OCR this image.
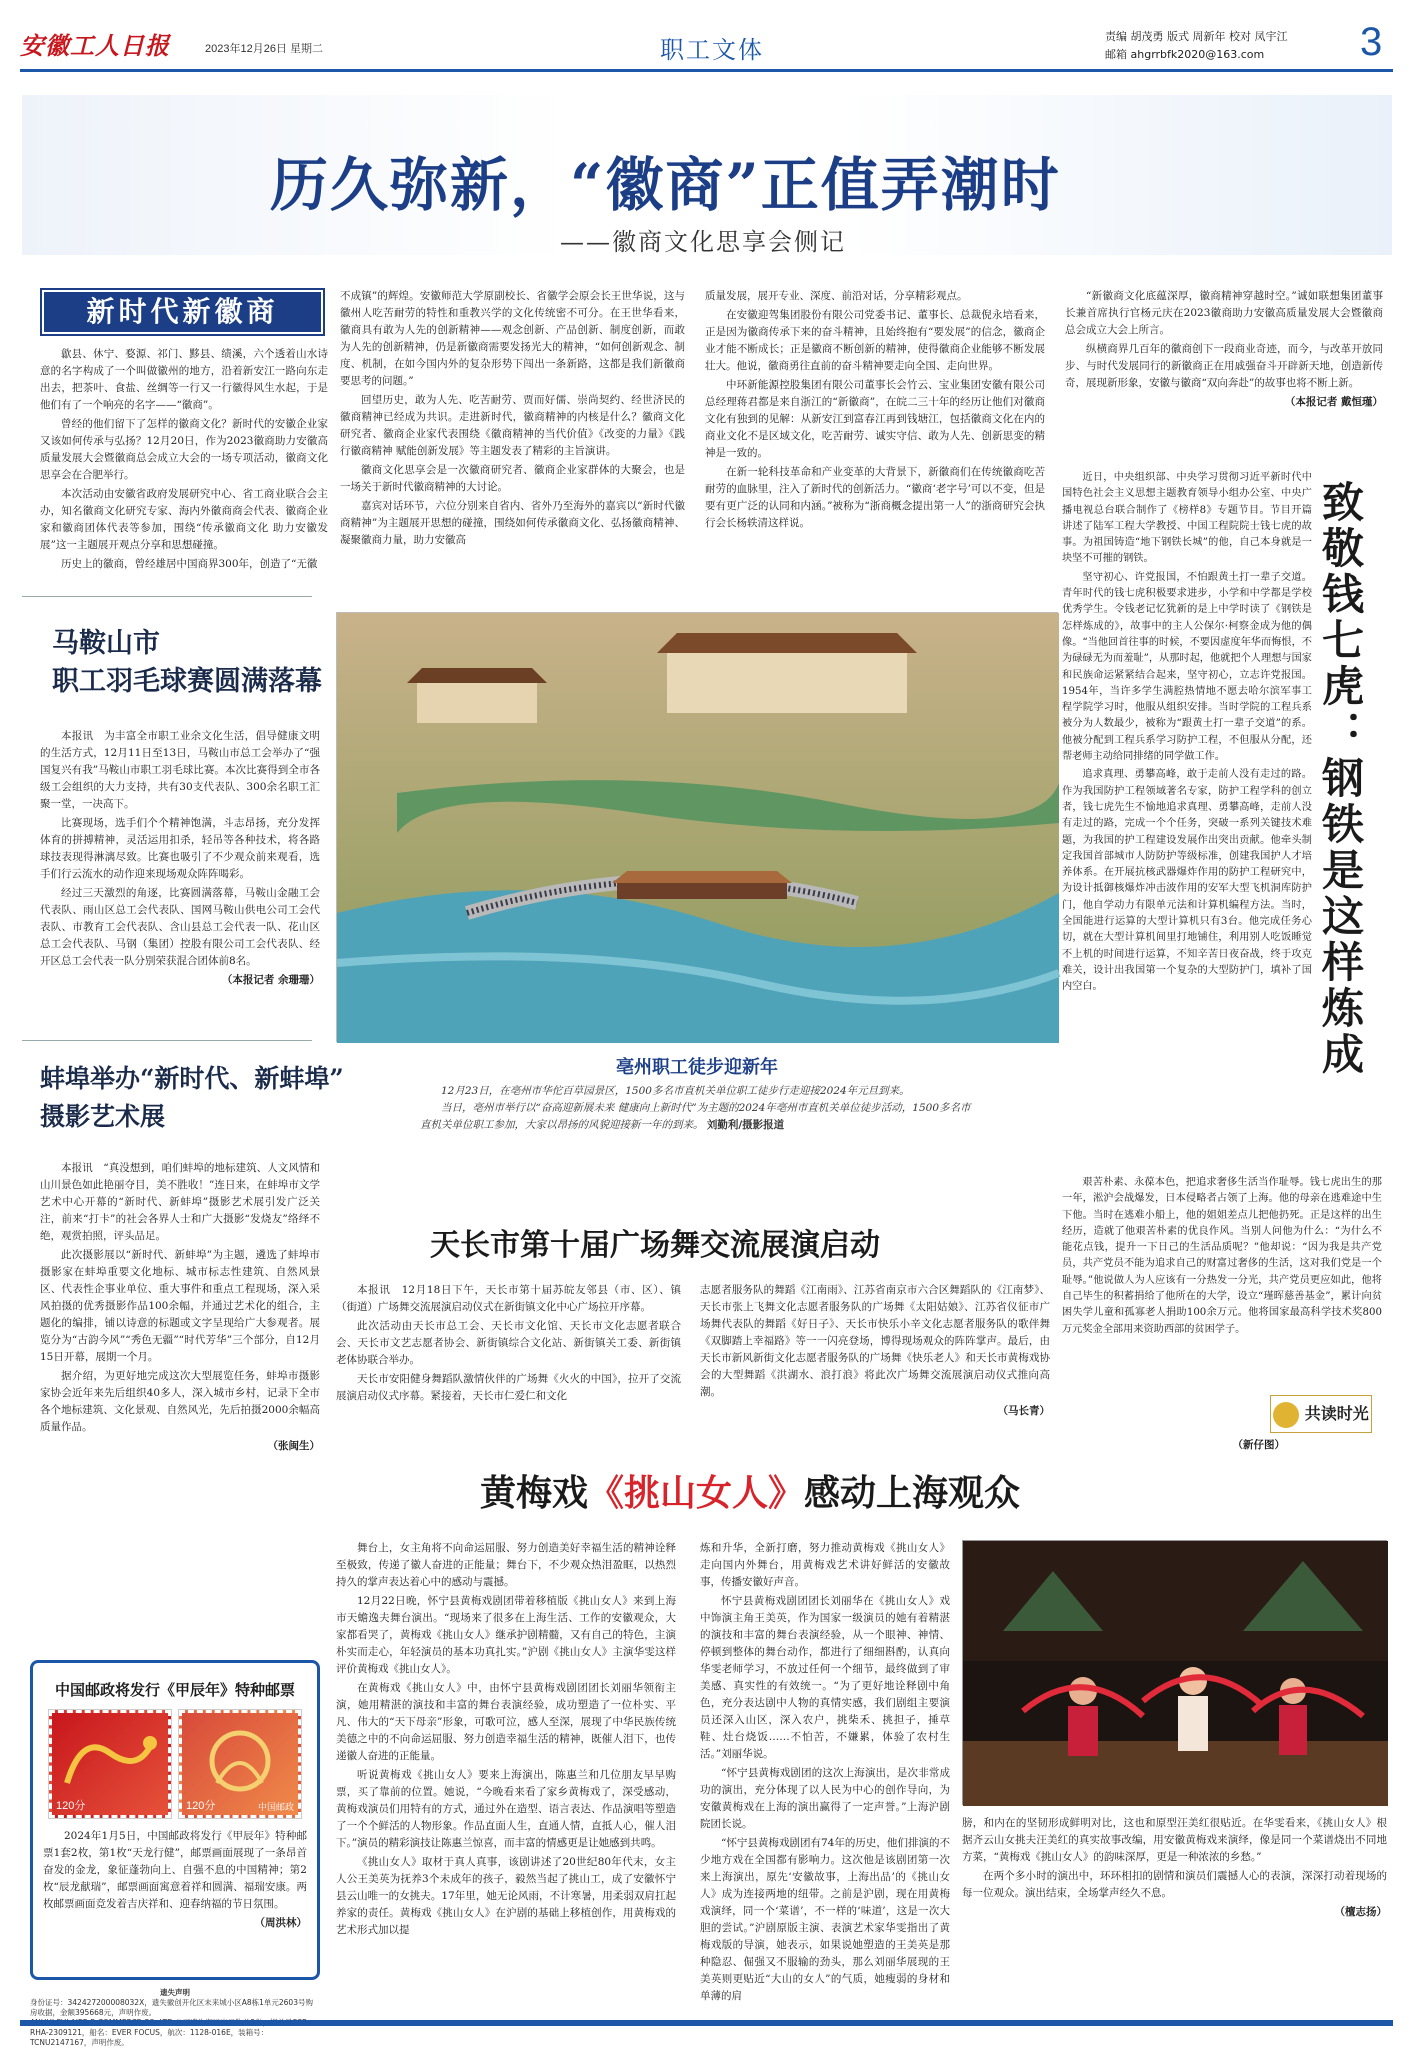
安徽工人日报	2023年12月26日 星期二	职工文体	责编 胡茂勇 版式 周新年 校对 凤宇江
邮箱 ahgrrbfk2020@163.com	3
历久弥新，“徽商”正值弄潮时
——徽商文化思享会侧记
新时代新徽商

歙县、休宁、婺源、祁门、黟县、绩溪，六个透着山水诗意的名字构成了一个叫做徽州的地方，沿着新安江一路向东走出去，把茶叶、食盐、丝绸等一行又一行徽得风生水起，于是他们有了一个响亮的名字——“徽商”。

曾经的他们留下了怎样的徽商文化？新时代的安徽企业家又该如何传承与弘扬？12月20日，作为2023徽商助力安徽高质量发展大会暨徽商总会成立大会的一场专项活动，徽商文化思享会在合肥举行。

本次活动由安徽省政府发展研究中心、省工商业联合会主办，知名徽商文化研究专家、海内外徽商商会代表、徽商企业家和徽商团体代表等参加，围绕“传承徽商文化 助力安徽发展”这一主题展开观点分享和思想碰撞。

历史上的徽商，曾经雄居中国商界300年，创造了“无徽

不成镇”的辉煌。安徽师范大学原副校长、省徽学会原会长王世华说，这与徽州人吃苦耐劳的特性和重教兴学的文化传统密不可分。在王世华看来，徽商具有敢为人先的创新精神——观念创新、产品创新、制度创新，而敢为人先的创新精神，仍是新徽商需要发扬光大的精神，“如何创新观念、制度、机制，在如今国内外的复杂形势下闯出一条新路，这都是我们新徽商要思考的问题。”

回望历史，敢为人先、吃苦耐劳、贾而好儒、崇尚契约、经世济民的徽商精神已经成为共识。走进新时代，徽商精神的内核是什么？徽商文化研究者、徽商企业家代表围绕《徽商精神的当代价值》《改变的力量》《践行徽商精神 赋能创新发展》等主题发表了精彩的主旨演讲。

徽商文化思享会是一次徽商研究者、徽商企业家群体的大聚会，也是一场关于新时代徽商精神的大讨论。

嘉宾对话环节，六位分别来自省内、省外乃至海外的嘉宾以“新时代徽商精神”为主题展开思想的碰撞，围绕如何传承徽商文化、弘扬徽商精神、凝聚徽商力量，助力安徽高

质量发展，展开专业、深度、前沿对话，分享精彩观点。

在安徽迎驾集团股份有限公司党委书记、董事长、总裁倪永培看来，正是因为徽商传承下来的奋斗精神，且始终抱有“要发展”的信念，徽商企业才能不断成长；正是徽商不断创新的精神，使得徽商企业能够不断发展壮大。他说，徽商勇往直前的奋斗精神要走向全国、走向世界。

中环新能源控股集团有限公司董事长会竹云、宝业集团安徽有限公司总经理蒋君都是来自浙江的“新徽商”，在皖二三十年的经历让他们对徽商文化有独到的见解：从新安江到富春江再到钱塘江，包括徽商文化在内的商业文化不是区域文化，吃苦耐劳、诚实守信、敢为人先、创新思变的精神是一致的。

在新一轮科技革命和产业变革的大背景下，新徽商们在传统徽商吃苦耐劳的血脉里，注入了新时代的创新活力。“徽商‘老字号’可以不变，但是要有更广泛的认同和内涵。”被称为“浙商概念提出第一人”的浙商研究会执行会长杨轶清这样说。

“新徽商文化底蕴深厚，徽商精神穿越时空。”诚如联想集团董事长兼首席执行官杨元庆在2023徽商助力安徽高质量发展大会暨徽商总会成立大会上所言。

纵横商界几百年的徽商创下一段商业奇迹，而今，与改革开放同步、与时代发展同行的新徽商正在用戚强奋斗开辟新天地，创造新传奇，展现新形象，安徽与徽商“双向奔赴”的故事也将不断上新。

（本报记者 戴恒瑾）
马鞍山市
职工羽毛球赛圆满落幕

本报讯　为丰富全市职工业余文化生活，倡导健康文明的生活方式，12月11日至13日，马鞍山市总工会举办了“强国复兴有我”马鞍山市职工羽毛球比赛。本次比赛得到全市各级工会组织的大力支持，共有30支代表队、300余名职工汇聚一堂，一决高下。

比赛现场，选手们个个精神饱满，斗志昂扬，充分发挥体育的拼搏精神，灵活运用扣杀，轻吊等各种技术，将各路球技表现得淋漓尽致。比赛也吸引了不少观众前来观看，选手们行云流水的动作迎来现场观众阵阵喝彩。

经过三天激烈的角逐，比赛圆满落幕，马鞍山金融工会代表队、雨山区总工会代表队、国网马鞍山供电公司工会代表队、市教育工会代表队、含山县总工会代表一队、花山区总工会代表队、马钢（集团）控股有限公司工会代表队、经开区总工会代表一队分别荣获混合团体前8名。

（本报记者 余珊珊）
蚌埠举办“新时代、新蚌埠”
摄影艺术展

本报讯　“真没想到，咱们蚌埠的地标建筑、人文风情和山川景色如此艳丽夺目，美不胜收！”连日来，在蚌埠市文学艺术中心开幕的“新时代、新蚌埠”摄影艺术展引发广泛关注，前来“打卡”的社会各界人士和广大摄影“发烧友”络绎不绝，观赏拍照，评头品足。

此次摄影展以“新时代、新蚌埠”为主题，遴选了蚌埠市摄影家在蚌埠重要文化地标、城市标志性建筑、自然风景区、代表性企事业单位、重大事件和重点工程现场，深入采风拍摄的优秀摄影作品100余幅，并通过艺术化的组合，主题化的编排，铺以诗意的标题或文字呈现给广大参观者。展览分为“古韵今风”“秀色无疆”“时代芳华”三个部分，自12月15日开幕，展期一个月。

据介绍，为更好地完成这次大型展览任务，蚌埠市摄影家协会近年来先后组织40多人，深入城市乡村，记录下全市各个地标建筑、文化景观、自然风光，先后拍摄2000余幅高质量作品。

（张闽生）
中国邮政将发行《甲辰年》特种邮票
120分	120分	中国邮政

2024年1月5日，中国邮政将发行《甲辰年》特种邮票1套2枚，第1枚“天龙行健”，邮票画面展现了一条昂首奋发的金龙，象征蓬勃向上、自强不息的中国精神；第2枚“辰龙献瑞”，邮票画面寓意着祥和圆满、福瑞安康。两枚邮票画面竞发着吉庆祥和、迎春纳福的节日氛围。

（周洪林）
亳州职工徒步迎新年
12月23日，在亳州市华佗百草园景区，1500多名市直机关单位职工徒步行走迎接2024年元旦到来。
当日，亳州市举行以“奋高迎新展未来 健康向上新时代”为主题的2024年亳州市直机关单位徒步活动，1500多名市直机关单位职工参加，大家以昂扬的风貌迎接新一年的到来。 刘勤利/摄影报道
天长市第十届广场舞交流展演启动

本报讯　12月18日下午，天长市第十届苏皖友邻县（市、区）、镇（街道）广场舞交流展演启动仪式在新街镇文化中心广场拉开序幕。

此次活动由天长市总工会、天长市文化馆、天长市文化志愿者联合会、天长市文艺志愿者协会、新街镇综合文化站、新街镇关工委、新街镇老体协联合举办。

天长市安阳健身舞蹈队激情伙伴的广场舞《火火的中国》，拉开了交流展演启动仪式序幕。紧接着，天长市仁爱仁和文化

志愿者服务队的舞蹈《江南雨》、江苏省南京市六合区舞蹈队的《江南梦》、天长市张上飞舞文化志愿者服务队的广场舞《太阳姑娘》、江苏省仪征市广场舞代表队的舞蹈《好日子》、天长市快乐小辛文化志愿者服务队的歌伴舞《双脚踏上幸福路》等一一闪亮登场，博得现场观众的阵阵掌声。最后，由天长市新风新街文化志愿者服务队的广场舞《快乐老人》和天长市黄梅戏协会的大型舞蹈《洪湖水、浪打浪》将此次广场舞交流展演启动仪式推向高潮。

（马长青）
致敬钱七虎：钢铁是这样炼成

近日，中央组织部、中央学习贯彻习近平新时代中国特色社会主义思想主题教育领导小组办公室、中央广播电视总台联合制作了《榜样8》专题节目。节目开篇讲述了陆军工程大学教授、中国工程院院士钱七虎的故事。为祖国铸造“地下钢铁长城”的他，自己本身就是一块坚不可摧的钢铁。

坚守初心、许党报国，不怕跟黄土打一辈子交道。青年时代的钱七虎积极要求进步，小学和中学都是学校优秀学生。令钱老记忆犹新的是上中学时读了《钢铁是怎样炼成的》，故事中的主人公保尔·柯察金成为他的偶像。“当他回首往事的时候，不要因虚度年华而悔恨，不为碌碌无为而羞耻”，从那时起，他就把个人理想与国家和民族命运紧紧结合起来，坚守初心，立志许党报国。1954年，当许多学生满腔热情地不愿去哈尔滨军事工程学院学习时，他服从组织安排。当时学院的工程兵系被分为人数最少，被称为“跟黄土打一辈子交道”的系。他被分配到工程兵系学习防护工程，不但服从分配，还帮老师主动给同排绪的同学做工作。

追求真理、勇攀高峰，敢于走前人没有走过的路。作为我国防护工程领域著名专家，防护工程学科的创立者，钱七虎先生不愉地追求真理、勇攀高峰，走前人没有走过的路，完成一个个任务，突破一系列关键技术难题，为我国的护工程建设发展作出突出贡献。他牵头制定我国首部城市人防防护等级标准，创建我国护人才培养体系。在开展抗核武器爆炸作用的防护工程研究中，为设计抵御核爆炸冲击波作用的安军大型飞机洞库防护门，他自学动力有限单元法和计算机编程方法。当时，全国能进行运算的大型计算机只有3台。他完成任务心切，就在大型计算机间里打地铺住，利用别人吃饭睡觉不上机的时间进行运算，不知辛苦日夜奋战，终于攻克难关，设计出我国第一个复杂的大型防护门，填补了国内空白。

艰苦朴素、永葆本色，把追求奢侈生活当作耻辱。钱七虎出生的那一年，淞沪会战爆发，日本侵略者占领了上海。他的母亲在逃难途中生下他。当时在逃难小船上，他的姐姐差点儿把他扔死。正是这样的出生经历，造就了他艰苦朴素的优良作风。当别人问他为什么：“为什么不能花点钱，提升一下日己的生活品质呢？”他却说：“因为我是共产党员，共产党员不能为追求自己的财富过奢侈的生活，这对我们党是一个耻辱。”他说做人为人应该有一分热发一分光，共产党员更应如此，他将自己毕生的积蓄捐给了他所在的大学，设立“瑾晖慈善基金”，累计向贫困失学儿童和孤寡老人捐助100余万元。他将国家最高科学技术奖800万元奖金全部用来资助西部的贫困学子。

（新仔图）
共读时光
黄梅戏《挑山女人》感动上海观众

舞台上，女主角将不向命运屈服、努力创造美好幸福生活的精神诠释至极致，传递了徽人奋进的正能量；舞台下，不少观众热泪盈眶，以热烈持久的掌声表达着心中的感动与震撼。

12月22日晚，怀宁县黄梅戏剧团带着移植版《挑山女人》来到上海市天蟾逸夫舞台演出。“现场来了很多在上海生活、工作的安徽观众，大家都看哭了，黄梅戏《挑山女人》继承护剧精髓，又有自己的特色，主演朴实而走心，年轻演员的基本功真扎实。”沪剧《挑山女人》主演华雯这样评价黄梅戏《挑山女人》。

在黄梅戏《挑山女人》中，由怀宁县黄梅戏剧团团长刘丽华领衔主演，她用精湛的演技和丰富的舞台表演经验，成功塑造了一位朴实、平凡、伟大的“天下母亲”形象，可歌可泣，感人至深，展现了中华民族传统美德之中的不向命运屈服、努力创造幸福生活的精神，既催人泪下，也传递徽人奋进的正能量。

听说黄梅戏《挑山女人》要来上海演出，陈惠兰和几位朋友早早购票，买了靠前的位置。她说，“今晚看来看了家乡黄梅戏了，深受感动，黄梅戏演员们用特有的方式，通过外在造型、语言表达、作品演唱等塑造了一个个鲜活的人物形象。作品直面人生，直通人情，直抵人心，催人泪下。”演员的精彩演技让陈惠兰惊喜，而丰富的情感更是让她感到共鸣。

《挑山女人》取材于真人真事，该剧讲述了20世纪80年代末，女主人公王美英为抚养3个未成年的孩子，毅然当起了挑山工，成了安徽怀宁县云山唯一的女挑夫。17年里，她无论风雨，不计寒暑，用柔弱双肩扛起养家的责任。黄梅戏《挑山女人》在沪剧的基础上移植创作，用黄梅戏的艺术形式加以提

炼和升华，全新打磨，努力推动黄梅戏《挑山女人》走向国内外舞台，用黄梅戏艺术讲好鲜活的安徽故事，传播安徽好声音。

怀宁县黄梅戏剧团团长刘丽华在《挑山女人》戏中饰演主角王美英，作为国家一级演员的她有着精湛的演技和丰富的舞台表演经验，从一个眼神、神情、停顿到整体的舞台动作，都进行了细细斟酌，认真向华雯老师学习，不放过任何一个细节，最终做到了审美感、真实性的有效统一。“为了更好地诠释剧中角色，充分表达剧中人物的真情实感，我们剧组主要演员还深入山区，深入农户，挑柴禾、挑担子，捶草鞋、灶台烧饭……不怕苦，不嫌累，体验了农村生活。”刘丽华说。

“怀宁县黄梅戏剧团的这次上海演出，是次非常成功的演出，充分体现了以人民为中心的创作导向，为安徽黄梅戏在上海的演出赢得了一定声誉。”上海沪剧院团长说。

“怀宁县黄梅戏剧团有74年的历史，他们排演的不少地方戏在全国都有影响力。这次他是该剧团第一次来上海演出，原先‘安徽故事，上海出品’的《挑山女人》成为连接两地的纽带。之前是沪剧，现在用黄梅戏演绎，同一个‘菜谱’，不一样的‘味道’，这是一次大胆的尝试。”沪剧原版主演、表演艺术家华雯指出了黄梅戏版的导演，她表示，如果说她塑造的王美英是那种隐忍、倔强又不服输的劲头，那么刘丽华展现的王美英则更贴近“大山的女人”的气质，她瘦弱的身材和单薄的肩

膀，和内在的坚韧形成鲜明对比，这也和原型汪美红很贴近。在华雯看来，《挑山女人》根据齐云山女挑夫汪美红的真实故事改编，用安徽黄梅戏来演绎，像是同一个菜谱烧出不同地方菜，“黄梅戏《挑山女人》的韵味深厚，更是一种浓浓的乡愁。”

在两个多小时的演出中，环环相扣的剧情和演员们震撼人心的表演，深深打动着现场的每一位观众。演出结束，全场掌声经久不息。

（檀志扬）
遗失声明
身份证号：342427200008032X，遗失徽创开化区未来城小区A8栋1单元2603号购房收据，金额395668元，声明作废。
RHA-2309121，船名：EVER FOCUS，航次：1128-016E，装箱号：TCNU2147167，声明作废。
